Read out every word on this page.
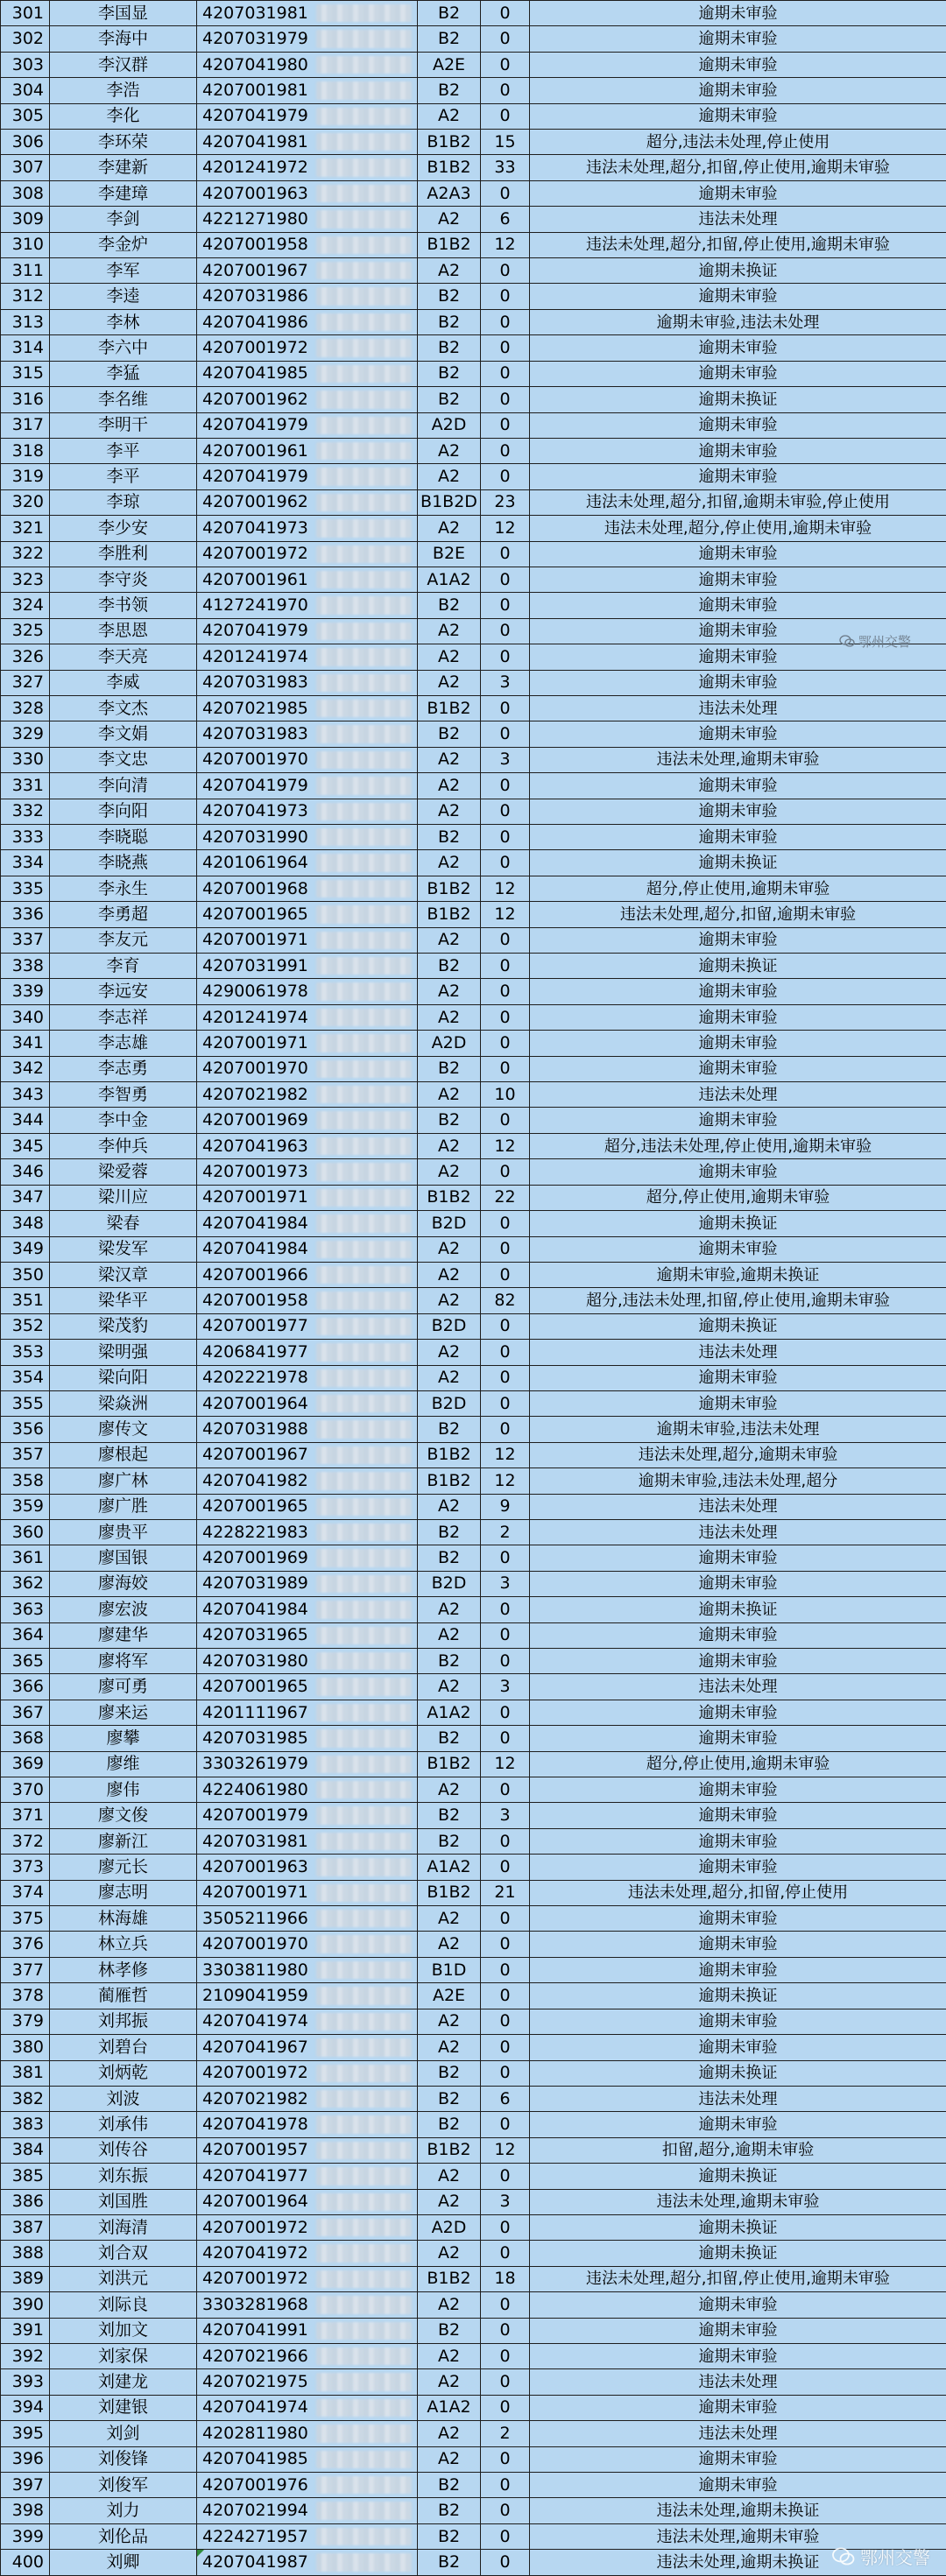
301	李国显	4207031981	B2	0	逾期未审验
302	李海中	4207031979	B2	0	逾期未审验
303	李汉群	4207041980	A2E	0	逾期未审验
304	李浩	4207001981	B2	0	逾期未审验
305	李化	4207041979	A2	0	逾期未审验
306	李环荣	4207041981	B1B2	15	超分,违法未处理,停止使用
307	李建新	4201241972	B1B2	33	违法未处理,超分,扣留,停止使用,逾期未审验
308	李建璋	4207001963	A2A3	0	逾期未审验
309	李剑	4221271980	A2	6	违法未处理
310	李金炉	4207001958	B1B2	12	违法未处理,超分,扣留,停止使用,逾期未审验
311	李军	4207001967	A2	0	逾期未换证
312	李逵	4207031986	B2	0	逾期未审验
313	李林	4207041986	B2	0	逾期未审验,违法未处理
314	李六中	4207001972	B2	0	逾期未审验
315	李猛	4207041985	B2	0	逾期未审验
316	李名维	4207001962	B2	0	逾期未换证
317	李明干	4207041979	A2D	0	逾期未审验
318	李平	4207001961	A2	0	逾期未审验
319	李平	4207041979	A2	0	逾期未审验
320	李琼	4207001962	B1B2D	23	违法未处理,超分,扣留,逾期未审验,停止使用
321	李少安	4207041973	A2	12	违法未处理,超分,停止使用,逾期未审验
322	李胜利	4207001972	B2E	0	逾期未审验
323	李守炎	4207001961	A1A2	0	逾期未审验
324	李书领	4127241970	B2	0	逾期未审验
325	李思恩	4207041979	A2	0	逾期未审验
326	李天亮	4201241974	A2	0	逾期未审验
327	李威	4207031983	A2	3	逾期未审验
328	李文杰	4207021985	B1B2	0	违法未处理
329	李文娟	4207031983	B2	0	逾期未审验
330	李文忠	4207001970	A2	3	违法未处理,逾期未审验
331	李向清	4207041979	A2	0	逾期未审验
332	李向阳	4207041973	A2	0	逾期未审验
333	李晓聪	4207031990	B2	0	逾期未审验
334	李晓燕	4201061964	A2	0	逾期未换证
335	李永生	4207001968	B1B2	12	超分,停止使用,逾期未审验
336	李勇超	4207001965	B1B2	12	违法未处理,超分,扣留,逾期未审验
337	李友元	4207001971	A2	0	逾期未审验
338	李育	4207031991	B2	0	逾期未换证
339	李远安	4290061978	A2	0	逾期未审验
340	李志祥	4201241974	A2	0	逾期未审验
341	李志雄	4207001971	A2D	0	逾期未审验
342	李志勇	4207001970	B2	0	逾期未审验
343	李智勇	4207021982	A2	10	违法未处理
344	李中金	4207001969	B2	0	逾期未审验
345	李仲兵	4207041963	A2	12	超分,违法未处理,停止使用,逾期未审验
346	梁爱蓉	4207001973	A2	0	逾期未审验
347	梁川应	4207001971	B1B2	22	超分,停止使用,逾期未审验
348	梁春	4207041984	B2D	0	逾期未换证
349	梁发军	4207041984	A2	0	逾期未审验
350	梁汉章	4207001966	A2	0	逾期未审验,逾期未换证
351	梁华平	4207001958	A2	82	超分,违法未处理,扣留,停止使用,逾期未审验
352	梁茂豹	4207001977	B2D	0	逾期未换证
353	梁明强	4206841977	A2	0	违法未处理
354	梁向阳	4202221978	A2	0	逾期未审验
355	梁焱洲	4207001964	B2D	0	逾期未审验
356	廖传文	4207031988	B2	0	逾期未审验,违法未处理
357	廖根起	4207001967	B1B2	12	违法未处理,超分,逾期未审验
358	廖广林	4207041982	B1B2	12	逾期未审验,违法未处理,超分
359	廖广胜	4207001965	A2	9	违法未处理
360	廖贵平	4228221983	B2	2	违法未处理
361	廖国银	4207001969	B2	0	逾期未审验
362	廖海姣	4207031989	B2D	3	逾期未审验
363	廖宏波	4207041984	A2	0	逾期未换证
364	廖建华	4207031965	A2	0	逾期未审验
365	廖将军	4207031980	B2	0	逾期未审验
366	廖可勇	4207001965	A2	3	违法未处理
367	廖来运	4201111967	A1A2	0	逾期未审验
368	廖攀	4207031985	B2	0	逾期未审验
369	廖维	3303261979	B1B2	12	超分,停止使用,逾期未审验
370	廖伟	4224061980	A2	0	逾期未审验
371	廖文俊	4207001979	B2	3	逾期未审验
372	廖新江	4207031981	B2	0	逾期未审验
373	廖元长	4207001963	A1A2	0	逾期未审验
374	廖志明	4207001971	B1B2	21	违法未处理,超分,扣留,停止使用
375	林海雄	3505211966	A2	0	逾期未审验
376	林立兵	4207001970	A2	0	逾期未审验
377	林孝修	3303811980	B1D	0	逾期未审验
378	蔺雁哲	2109041959	A2E	0	逾期未换证
379	刘邦振	4207041974	A2	0	逾期未审验
380	刘碧台	4207041967	A2	0	逾期未审验
381	刘炳乾	4207001972	B2	0	逾期未换证
382	刘波	4207021982	B2	6	违法未处理
383	刘承伟	4207041978	B2	0	逾期未审验
384	刘传谷	4207001957	B1B2	12	扣留,超分,逾期未审验
385	刘东振	4207041977	A2	0	逾期未换证
386	刘国胜	4207001964	A2	3	违法未处理,逾期未审验
387	刘海清	4207001972	A2D	0	逾期未换证
388	刘合双	4207041972	A2	0	逾期未换证
389	刘洪元	4207001972	B1B2	18	违法未处理,超分,扣留,停止使用,逾期未审验
390	刘际良	3303281968	A2	0	逾期未审验
391	刘加文	4207041991	B2	0	逾期未审验
392	刘家保	4207021966	A2	0	逾期未审验
393	刘建龙	4207021975	A2	0	违法未处理
394	刘建银	4207041974	A1A2	0	逾期未审验
395	刘剑	4202811980	A2	2	违法未处理
396	刘俊锋	4207041985	A2	0	逾期未审验
397	刘俊军	4207001976	B2	0	逾期未审验
398	刘力	4207021994	B2	0	违法未处理,逾期未换证
399	刘伦品	4224271957	B2	0	违法未处理,逾期未审验
400	刘卿	4207041987	B2	0	违法未处理,逾期未换证
鄂州交警
鄂州交警
